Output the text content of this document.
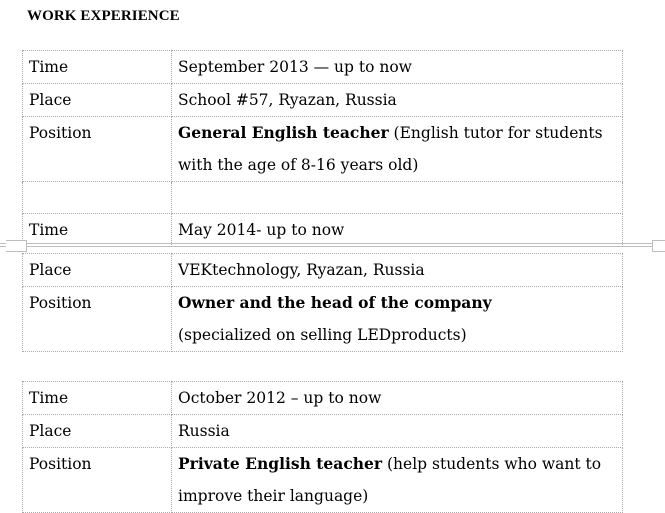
WORK EXPERIENCE
Time	September 2013 — up to now
Place	School #57, Ryazan, Russia
Position	General English teacher (English tutor for students with the age of 8-16 years old)

Time	May 2014- up to now
Place	VEKtechnology, Ryazan, Russia
Position	Owner and the head of the company
(specialized on selling LEDproducts)
Time	October 2012 – up to now
Place	Russia
Position	Private English teacher (help students who want to improve their language)
